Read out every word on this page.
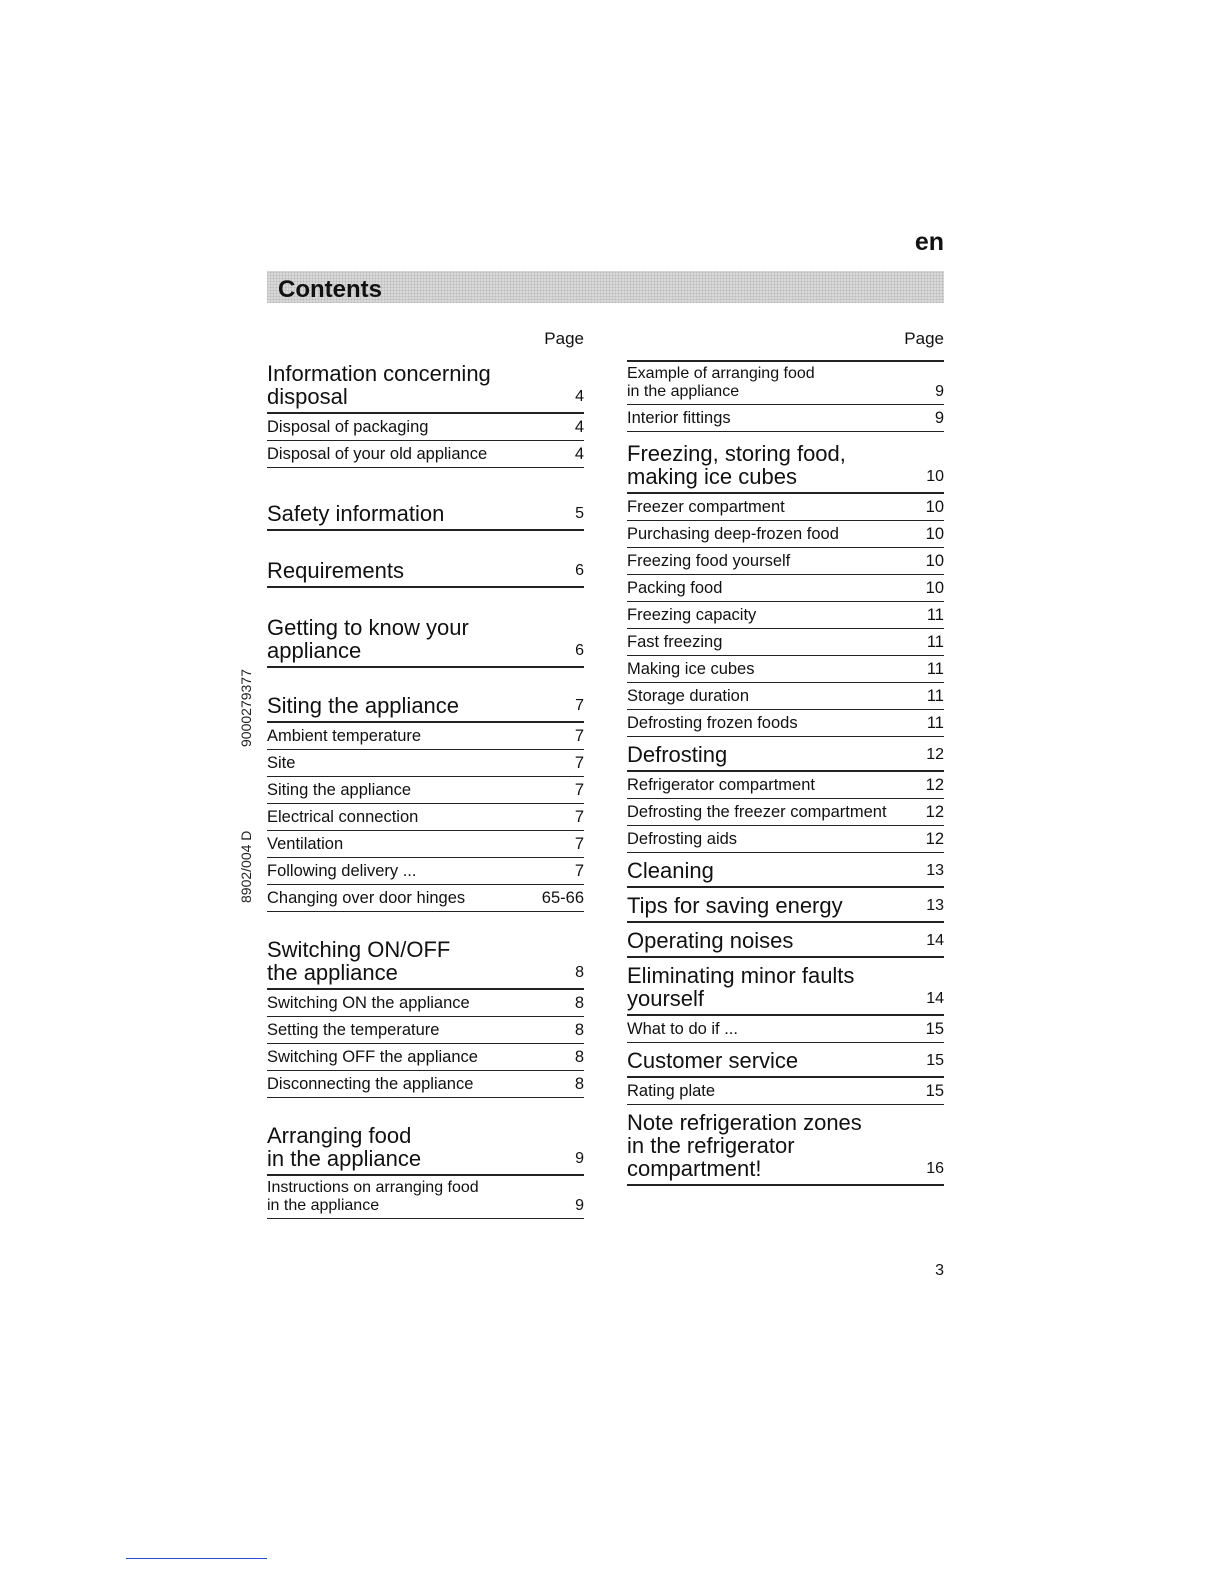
en
Contents
9000279377
8902/004 D
Page
Information concerning
disposal	4
Disposal of packaging	4
Disposal of your old appliance	4
Safety information	5
Requirements	6
Getting to know your
appliance	6
Siting the appliance	7
Ambient temperature	7
Site	7
Siting the appliance	7
Electrical connection	7
Ventilation	7
Following delivery ...	7
Changing over door hinges	65-66
Switching ON/OFF
the appliance	8
Switching ON the appliance	8
Setting the temperature	8
Switching OFF the appliance	8
Disconnecting the appliance	8
Arranging food
in the appliance	9
Instructions on arranging food
in the appliance	9
Page
Example of arranging food
in the appliance	9
Interior fittings	9
Freezing, storing food,
making ice cubes	10
Freezer compartment	10
Purchasing deep-frozen food	10
Freezing food yourself	10
Packing food	10
Freezing capacity	11
Fast freezing	11
Making ice cubes	11
Storage duration	11
Defrosting frozen foods	11
Defrosting	12
Refrigerator compartment	12
Defrosting the freezer compartment	12
Defrosting aids	12
Cleaning	13
Tips for saving energy	13
Operating noises	14
Eliminating minor faults
yourself	14
What to do if ...	15
Customer service	15
Rating plate	15
Note refrigeration zones
in the refrigerator
compartment!	16
3
